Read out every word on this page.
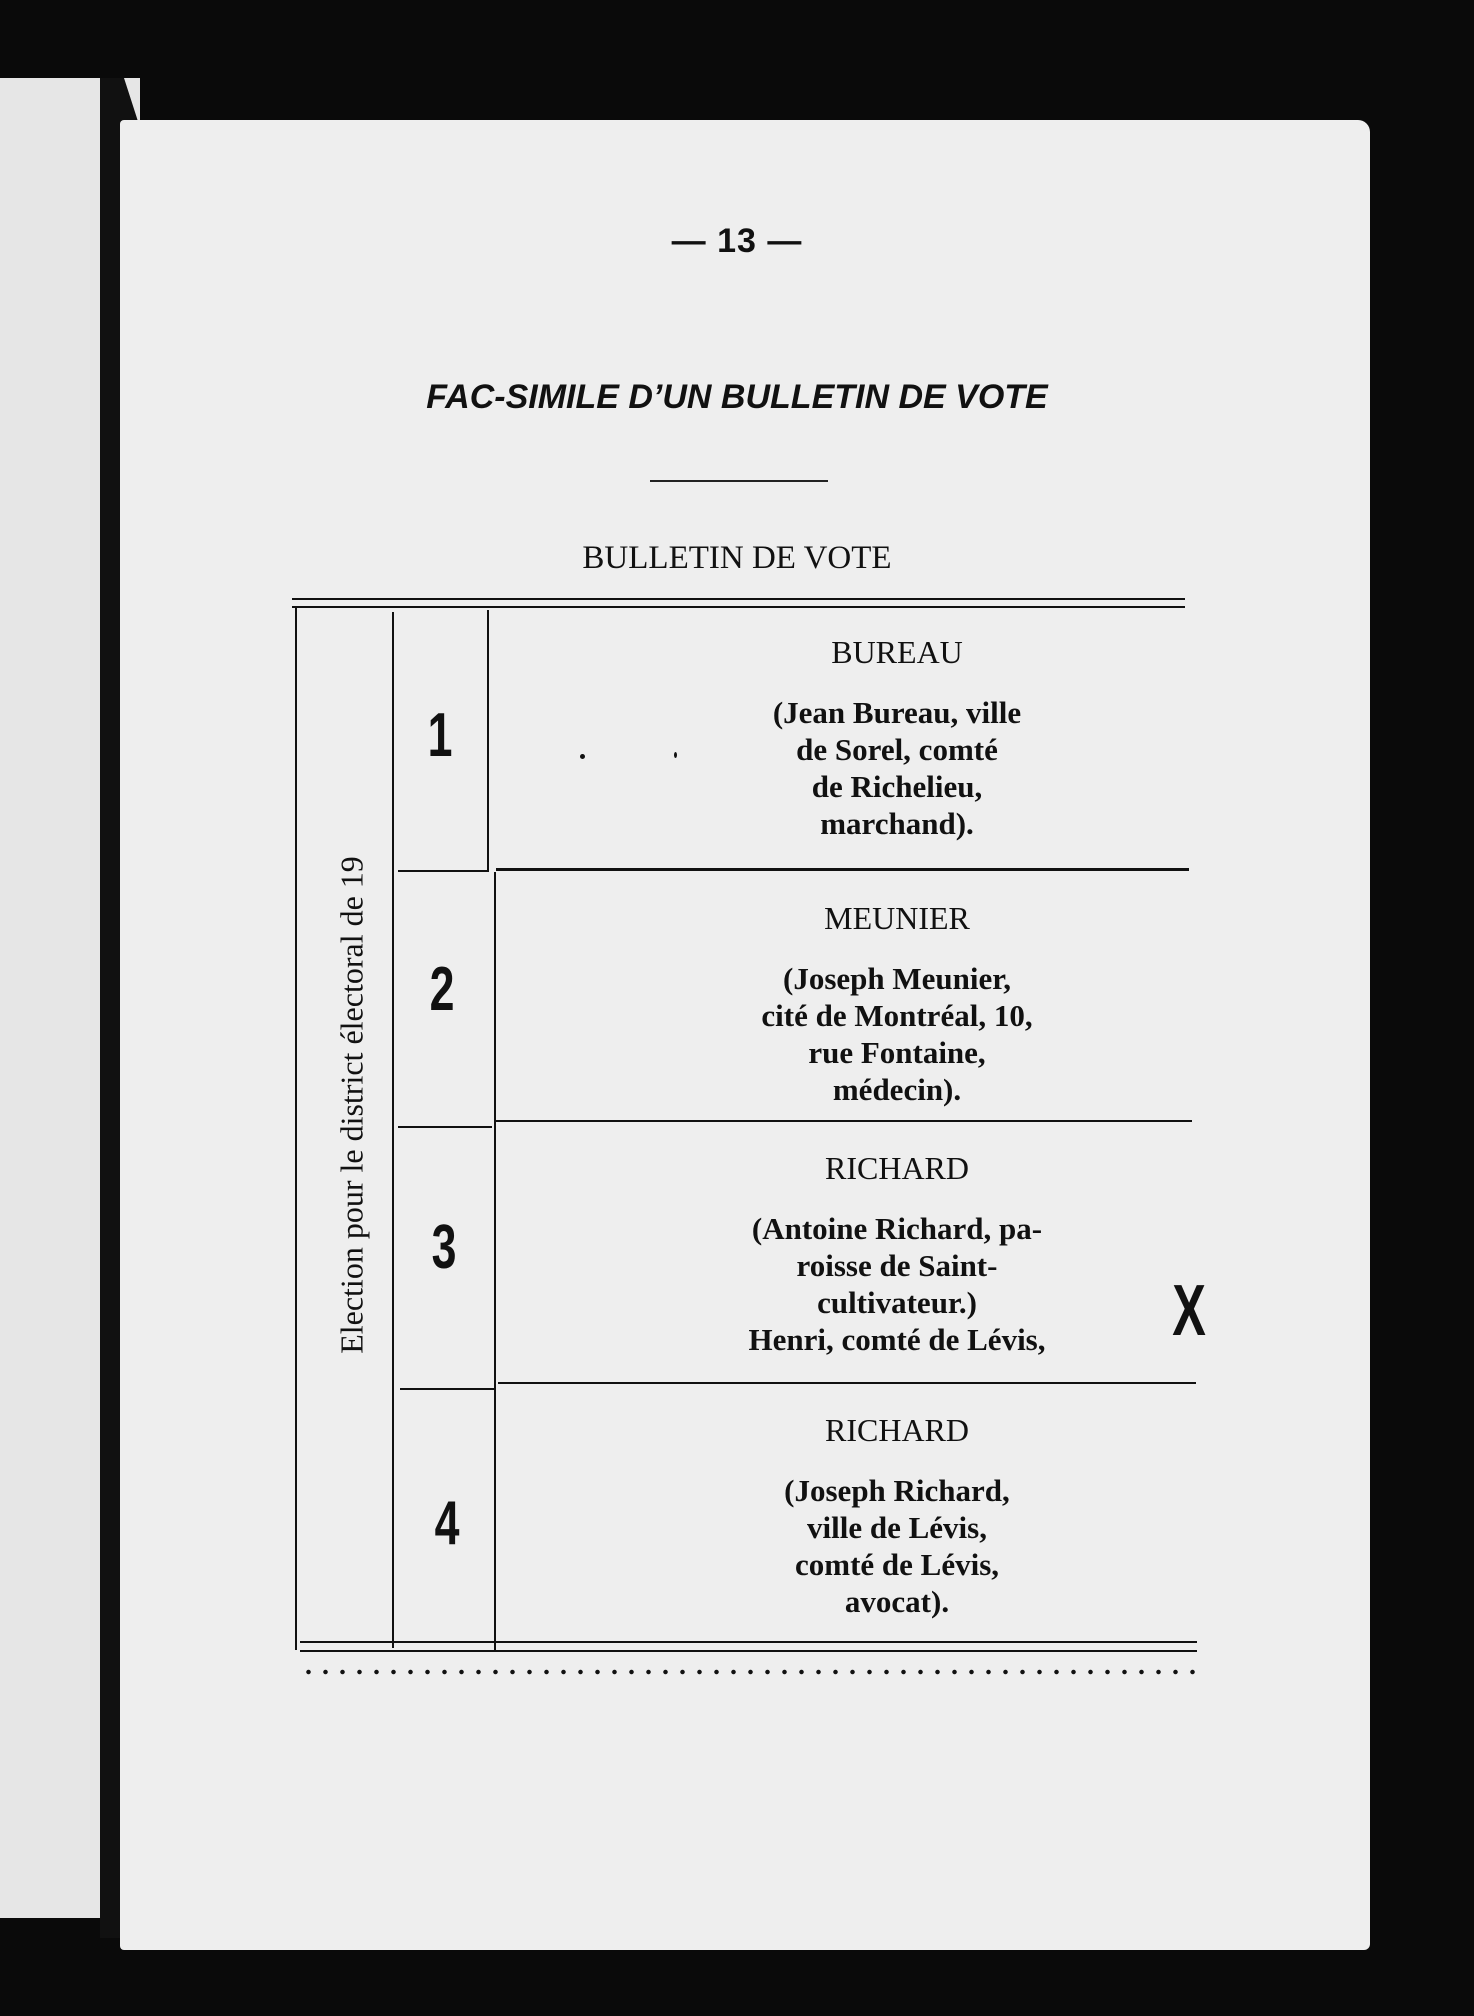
— 13 —
FAC-SIMILE D’UN BULLETIN DE VOTE
BULLETIN DE VOTE
Election pour le district électoral de 19
1
2
3
4
BUREAU
(Jean Bureau, ville
de Sorel, comté
de Richelieu,
marchand).
MEUNIER
(Joseph Meunier,
cité de Montréal, 10,
rue Fontaine,
médecin).
RICHARD
(Antoine Richard, pa-
roisse de Saint-
cultivateur.)
Henri, comté de Lévis,
RICHARD
(Joseph Richard,
ville de Lévis,
comté de Lévis,
avocat).
X
